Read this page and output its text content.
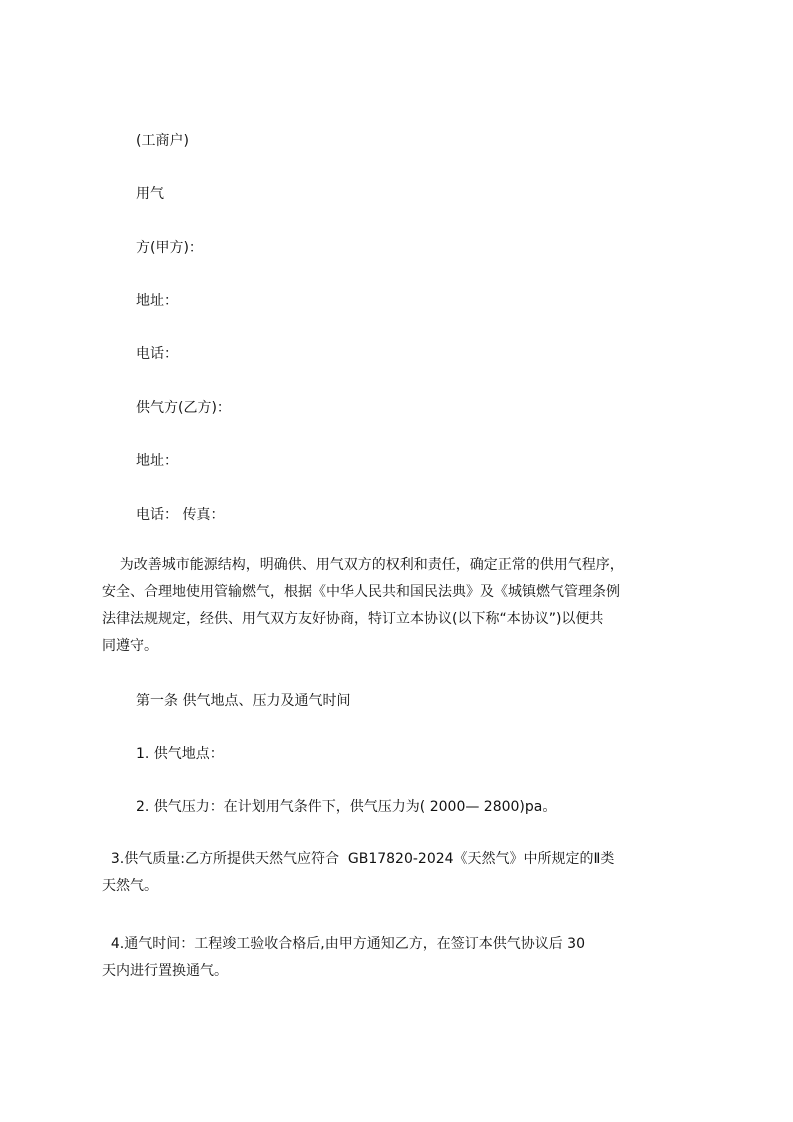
(工商户)
用气
方(甲方)：
地址：
电话：
供气方(乙方)：
地址：
电话： 传真：
为改善城市能源结构，明确供、用气双方的权利和责任，确定正常的供用气程序，
安全、合理地使用管输燃气，根据《中华人民共和国民法典》及《城镇燃气管理条例
法律法规规定，经供、用气双方友好协商，特订立本协议(以下称“本协议”)以便共
同遵守。
第一条 供气地点、压力及通气时间
1. 供气地点：
2. 供气压力：在计划用气条件下，供气压力为( 2000— 2800)pa。
3.供气质量:乙方所提供天然气应符合  GB17820-2024《天然气》中所规定的Ⅱ类
天然气。
4.通气时间：工程竣工验收合格后,由甲方通知乙方，在签订本供气协议后 30
天内进行置换通气。
